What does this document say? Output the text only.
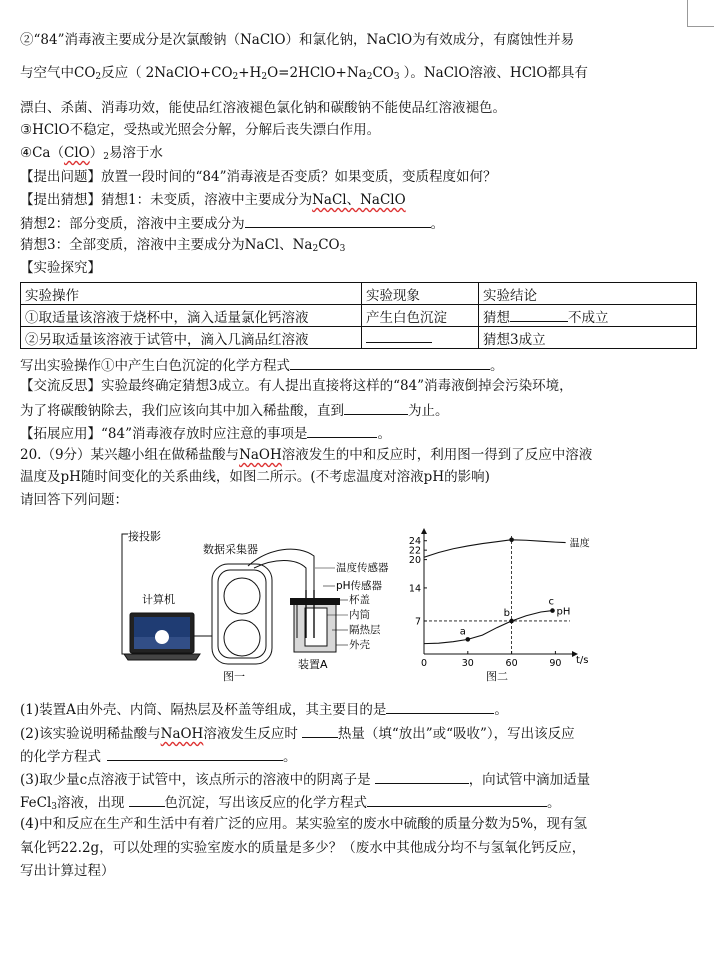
②“84”消毒液主要成分是次氯酸钠（NaClO）和氯化钠，NaClO为有效成分，有腐蚀性并易
与空气中$CO_2$反应（ $2NaClO+CO_2+H_2O=2HClO+Na_2CO_3$ ）。NaClO溶液、HClO都具有
漂白、杀菌、消毒功效，能使品红溶液褪色氯化钠和碳酸钠不能使品红溶液褪色。
③HClO不稳定，受热或光照会分解，分解后丧失漂白作用。
$④Ca(ClO)_2$易溶于水
【提出问题】放置一段时间的“84”消毒液是否变质？如果变质，变质程度如何？
【提出猜想】猜想1：未变质，溶液中主要成分为NaCl、NaClO
猜想2：部分变质，溶液中主要成分为	。
猜想3：全部变质，溶液中主要成分为NaCl、$Na_2CO_3$
【实验探究】
实验操作	实验现象	实验结论
①取适量该溶液于烧杯中，滴入适量氯化钙溶液	产生白色沉淀	猜想 不成立
②另取适量该溶液于试管中，滴入几滴品红溶液		猜想3成立
写出实验操作①中产生白色沉淀的化学方程式	。
【交流反思】实验最终确定猜想3成立。有人提出直接将这样的“84”消毒液倒掉会污染环境，
为了将碳酸钠除去，我们应该向其中加入稀盐酸，直到	为止。
【拓展应用】“84”消毒液存放时应注意的事项是	。
20.（9分）某兴趣小组在做稀盐酸与NaOH溶液发生的中和反应时，利用图一得到了反应中溶液
温度及pH随时间变化的关系曲线，如图二所示。(不考虑温度对溶液pH的影响)
请回答下列问题：
接投影
数据采集器
计算机
温度传感器
pH传感器
杯盖
内筒
隔热层
外壳
装置A
图一	图二
t/s
0	30	60	90
7
14
20
22
24	温度
pH
a
b
c
(1)装置A由外壳、内筒、隔热层及杯盖等组成，其主要目的是	。
(2)该实验说明稀盐酸与NaOH溶液发生反应时	热量（填“放出”或“吸收”），写出该反应
的化学方程式	。
(3)取少量c点溶液于试管中，该点所示的溶液中的阴离子是	，向试管中滴加适量
FeCl$_3$溶液，出现	色沉淀，写出该反应的化学方程式	。
(4)中和反应在生产和生活中有着广泛的应用。某实验室的废水中硫酸的质量分数为5%，现有氢
氧化钙22.2g，可以处理的实验室废水的质量是多少？（废水中其他成分均不与氢氧化钙反应，
写出计算过程）
